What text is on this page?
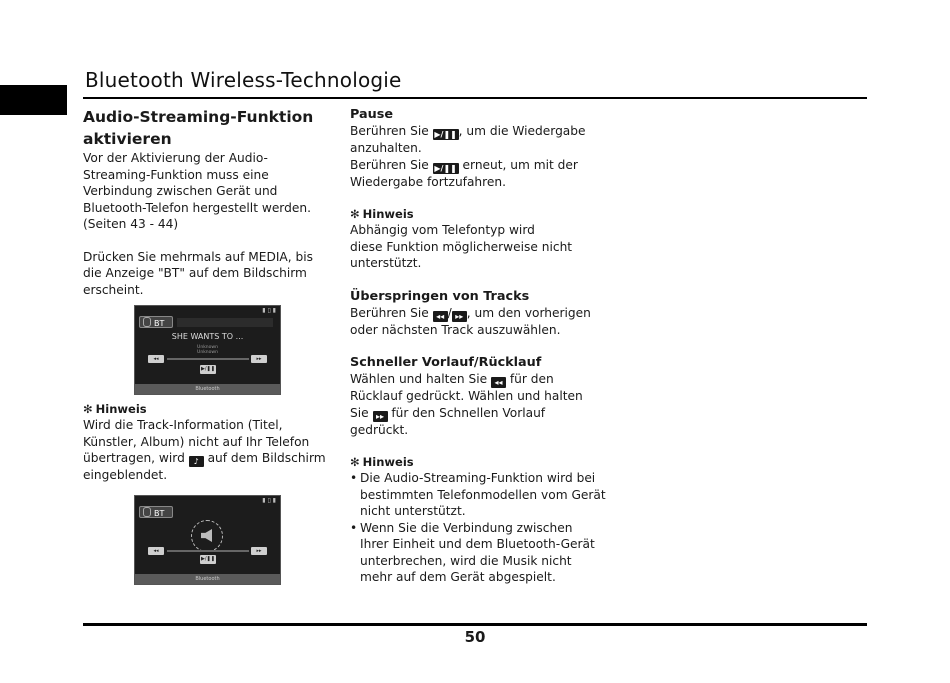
Bluetooth Wireless-Technologie

Audio-Streaming-Funktion
aktivieren

Vor der Aktivierung der Audio-
Streaming-Funktion muss eine
Verbindung zwischen Gerät und
Bluetooth-Telefon hergestellt werden.
(Seiten 43 - 44)

Drücken Sie mehrmals auf MEDIA, bis
die Anzeige "BT" auf dem Bildschirm
erscheint.

✻ Hinweis

Wird die Track-Information (Titel,
Künstler, Album) nicht auf Ihr Telefon
übertragen, wird ♪ auf dem Bildschirm
eingeblendet.

▮ ▯ ▮
BT
SHE WANTS TO ...
Unknown
Unknown
◂◂	▸▸
▶/❚❚
Bluetooth
▮ ▯ ▮
BT
◂◂	▸▸
▶/❚❚
Bluetooth

Pause

Berühren Sie ▶/❚❚ , um die Wiedergabe
anzuhalten.
Berühren Sie ▶/❚❚ erneut, um mit der
Wiedergabe fortzufahren.

✻ Hinweis

Abhängig vom Telefontyp wird
diese Funktion möglicherweise nicht
unterstützt.

Überspringen von Tracks

Berühren Sie ◂◂ / ▸▸ , um den vorherigen
oder nächsten Track auszuwählen.

Schneller Vorlauf/Rücklauf

Wählen und halten Sie ◂◂ für den
Rücklauf gedrückt. Wählen und halten
Sie ▸▸ für den Schnellen Vorlauf
gedrückt.

✻ Hinweis

• Die Audio-Streaming-Funktion wird bei
bestimmten Telefonmodellen vom Gerät
nicht unterstützt.

• Wenn Sie die Verbindung zwischen
Ihrer Einheit und dem Bluetooth-Gerät
unterbrechen, wird die Musik nicht
mehr auf dem Gerät abgespielt.

50
